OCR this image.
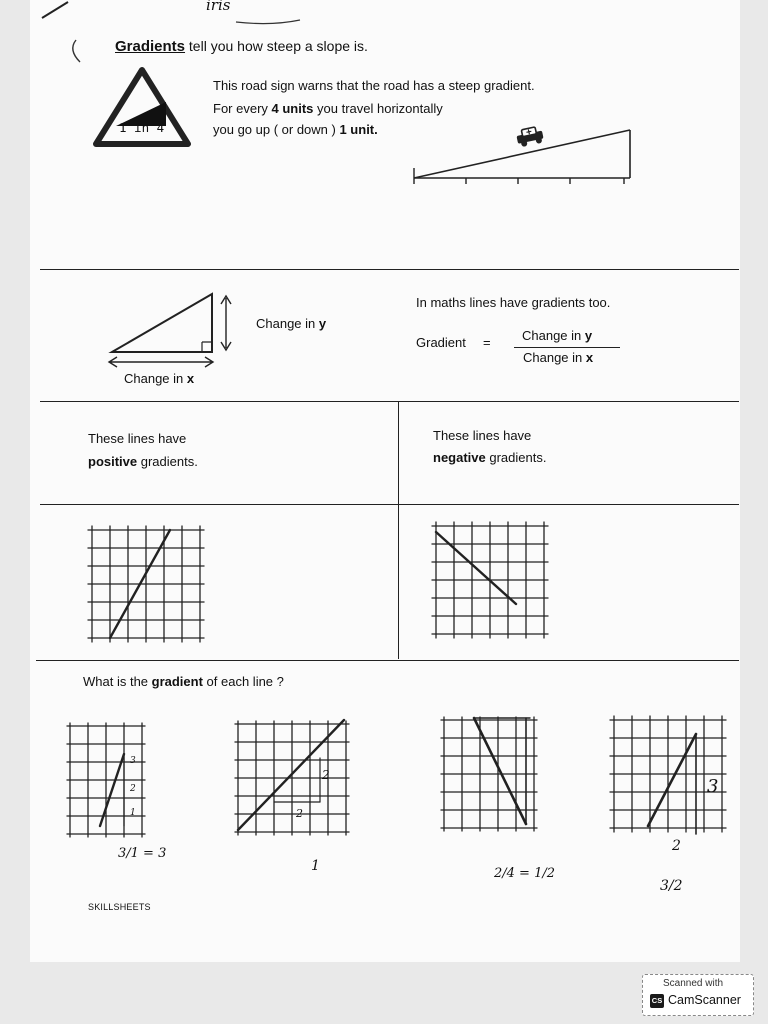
iris
Gradients tell you how steep a slope is.
1 in 4
This road sign warns that the road has a steep gradient.
For every 4 units you travel horizontally
you go up ( or down ) 1 unit.
Change in y
Change in x
In maths lines have gradients too.
Gradient = Change in y
Change in x
These lines have
positive gradients.
These lines have
negative gradients.
What is the gradient of each line ?
3
2
1
2
2
3
2
3/1 = 3
1	2/4 = 1/2
3/2
SKILLSHEETS
Scanned with
CS CamScanner
